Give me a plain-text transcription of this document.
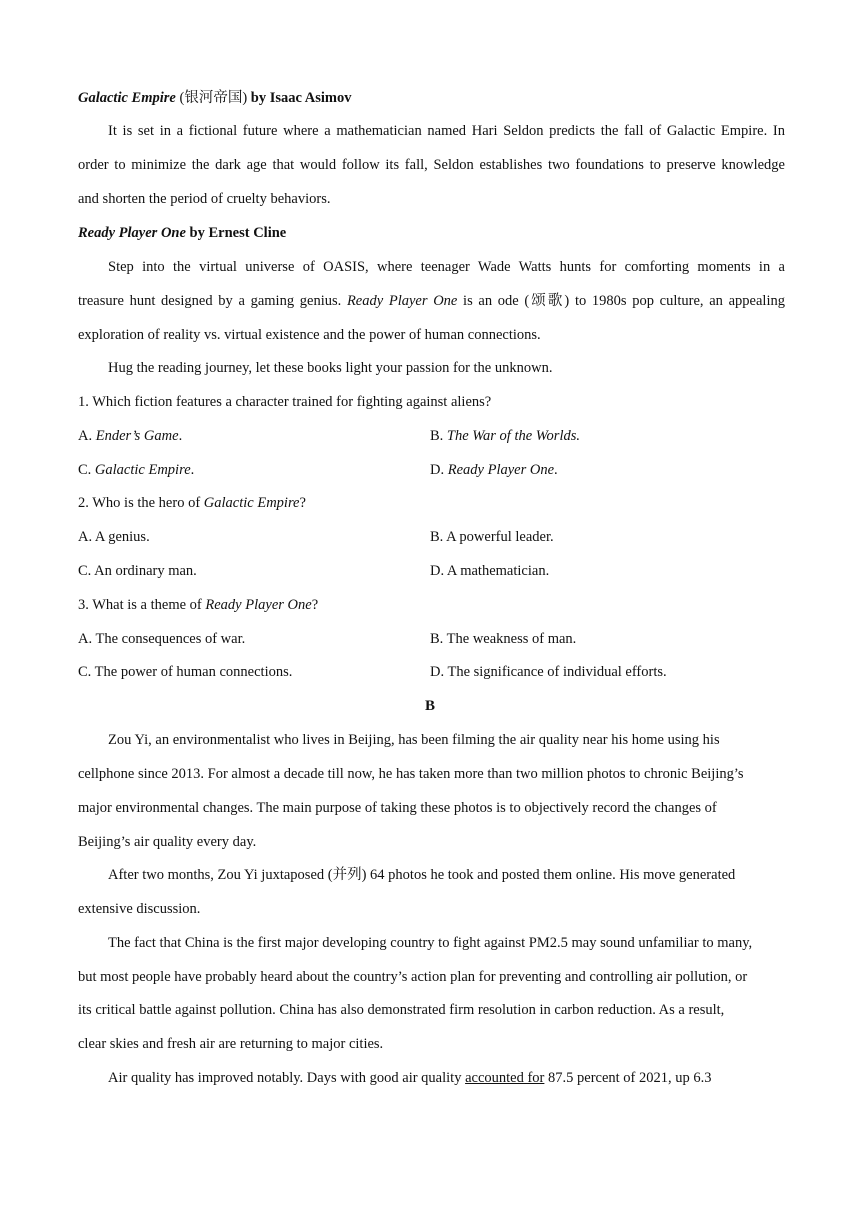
Galactic Empire (银河帝国) by Isaac Asimov
It is set in a fictional future where a mathematician named Hari Seldon predicts the fall of Galactic Empire. In
order to minimize the dark age that would follow its fall, Seldon establishes two foundations to preserve knowledge
and shorten the period of cruelty behaviors.
Ready Player One by Ernest Cline
Step into the virtual universe of OASIS, where teenager Wade Watts hunts for comforting moments in a
treasure hunt designed by a gaming genius. Ready Player One is an ode (颂歌) to 1980s pop culture, an appealing
exploration of reality vs. virtual existence and the power of human connections.
Hug the reading journey, let these books light your passion for the unknown.
1. Which fiction features a character trained for fighting against aliens?
A. Ender’s Game.	B. The War of the Worlds.
C. Galactic Empire.	D. Ready Player One.
2. Who is the hero of Galactic Empire?
A. A genius.	B. A powerful leader.
C. An ordinary man.	D. A mathematician.
3. What is a theme of Ready Player One?
A. The consequences of war.	B. The weakness of man.
C. The power of human connections.	D. The significance of individual efforts.
B
Zou Yi, an environmentalist who lives in Beijing, has been filming the air quality near his home using his
cellphone since 2013. For almost a decade till now, he has taken more than two million photos to chronic Beijing’s
major environmental changes. The main purpose of taking these photos is to objectively record the changes of
Beijing’s air quality every day.
After two months, Zou Yi juxtaposed (并列) 64 photos he took and posted them online. His move generated
extensive discussion.
The fact that China is the first major developing country to fight against PM2.5 may sound unfamiliar to many,
but most people have probably heard about the country’s action plan for preventing and controlling air pollution, or
its critical battle against pollution. China has also demonstrated firm resolution in carbon reduction. As a result,
clear skies and fresh air are returning to major cities.
Air quality has improved notably. Days with good air quality accounted for 87.5 percent of 2021, up 6.3
